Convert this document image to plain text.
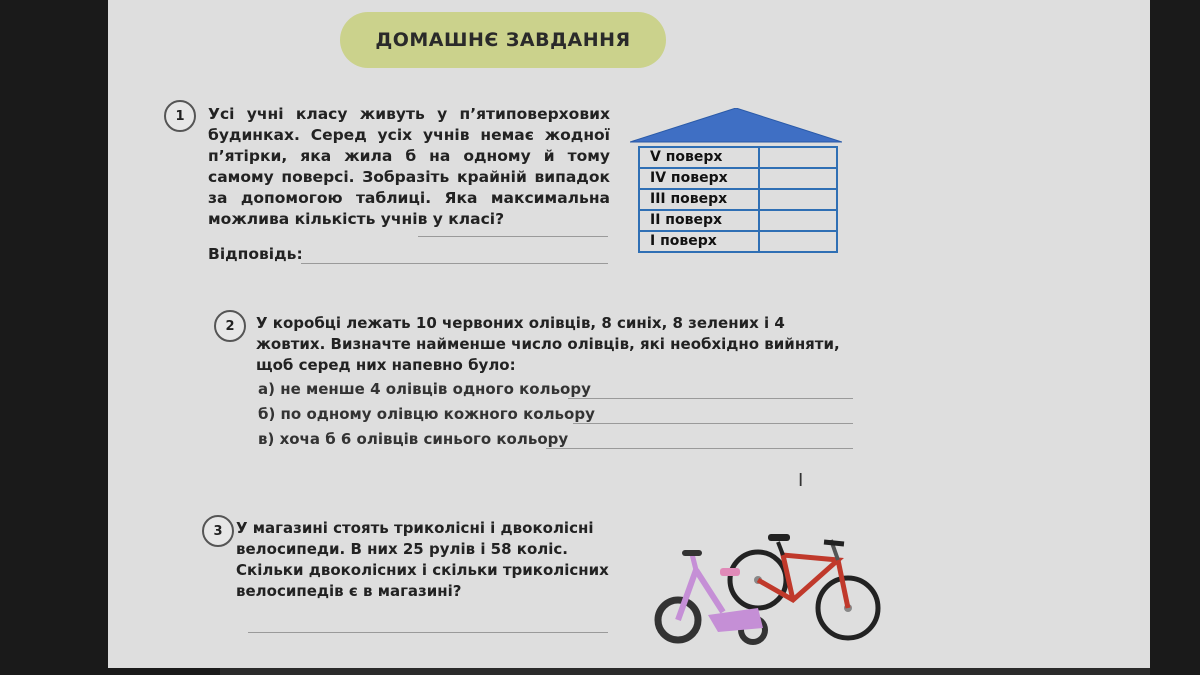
ДОМАШНЄ ЗАВДАННЯ
1	Усі учні класу живуть у п’ятиповерхових будинках. Серед усіх учнів немає жодної п’ятірки, яка жила б на одному й тому самому поверсі. Зобразіть крайній випадок за допомогою таблиці. Яка максимальна можлива кількість учнів у класі?
Відповідь:
V поверх
IV поверх
III поверх
II поверх
I поверх
2	У коробці лежать 10 червоних олівців, 8 синіх, 8 зелених і 4 жовтих. Визначте найменше число олівців, які необхідно вийняти, щоб серед них напевно було:
а) не менше 4 олівців одного кольору
б) по одному олівцю кожного кольору
в) хоча б 6 олівців синього кольору
I
3 У магазині стоять триколісні і двоколісні велосипеди. В них 25 рулів і 58 коліс. Скільки двоколісних і скільки триколісних велосипедів є в магазині?
